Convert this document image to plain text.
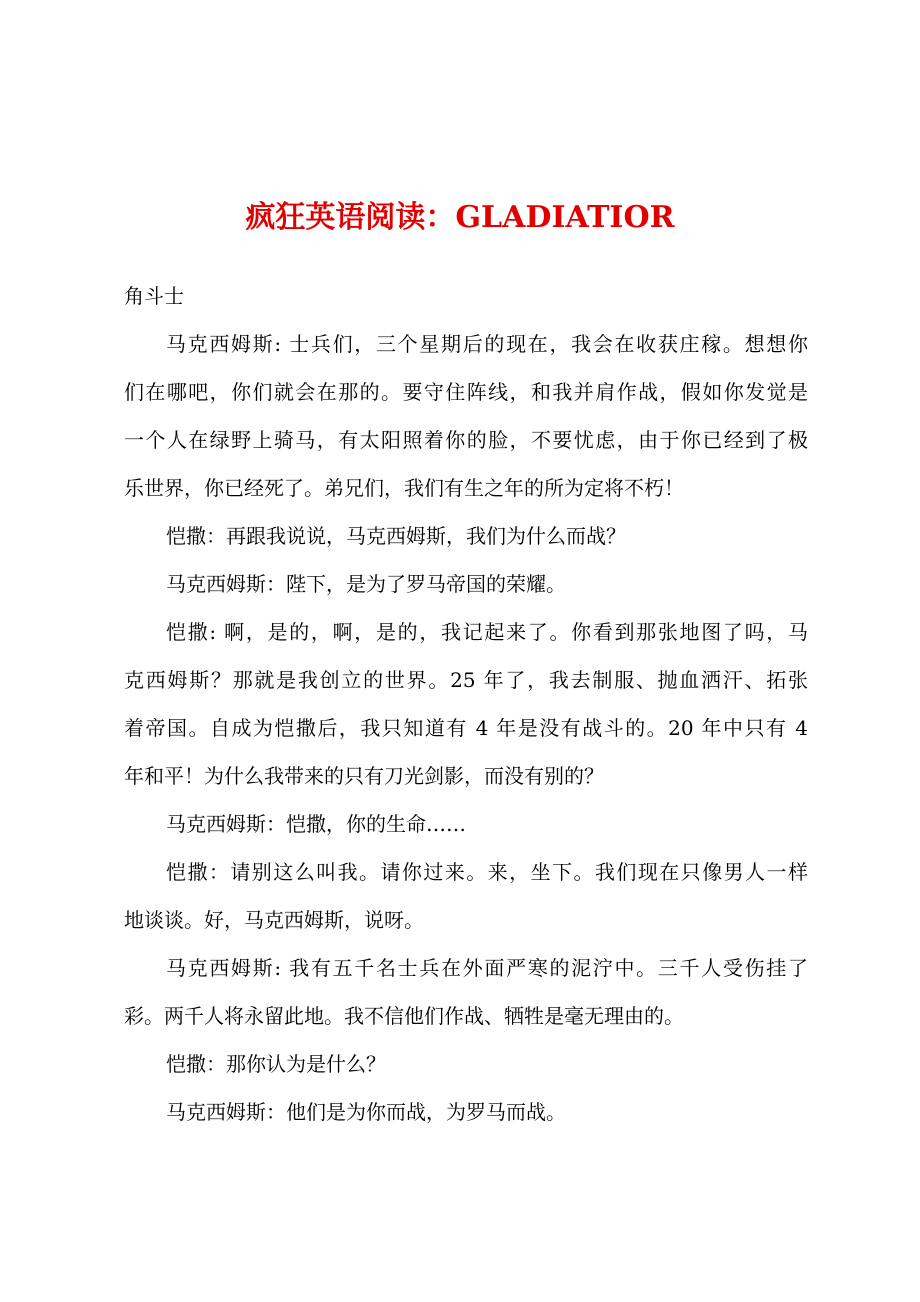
疯狂英语阅读：GLADIATIOR
角斗士
马克西姆斯: 士兵们，三个星期后的现在，我会在收获庄稼。想想你
们在哪吧，你们就会在那的。要守住阵线，和我并肩作战，假如你发觉是
一个人在绿野上骑马，有太阳照着你的脸，不要忧虑，由于你已经到了极
乐世界，你已经死了。弟兄们，我们有生之年的所为定将不朽！
恺撒：再跟我说说，马克西姆斯，我们为什么而战？
马克西姆斯：陛下，是为了罗马帝国的荣耀。
恺撒: 啊，是的，啊，是的，我记起来了。你看到那张地图了吗，马
克西姆斯？那就是我创立的世界。25 年了，我去制服、抛血洒汗、拓张
着帝国。自成为恺撒后，我只知道有 4 年是没有战斗的。20 年中只有 4
年和平！为什么我带来的只有刀光剑影，而没有别的？
马克西姆斯：恺撒，你的生命……
恺撒：请别这么叫我。请你过来。来，坐下。我们现在只像男人一样
地谈谈。好，马克西姆斯，说呀。
马克西姆斯: 我有五千名士兵在外面严寒的泥泞中。三千人受伤挂了
彩。两千人将永留此地。我不信他们作战、牺牲是毫无理由的。
恺撒：那你认为是什么？
马克西姆斯：他们是为你而战，为罗马而战。
